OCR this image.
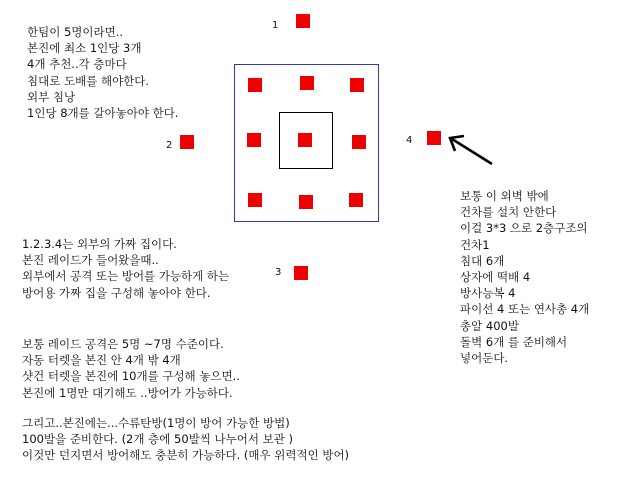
한팀이 5명이라면..
본진에 최소 1인당 3개
4개 추천..각 층마다
침대로 도배를 해야한다.
외부 침낭
1인당 8개를 갈아놓아야 한다.
1.2.3.4는 외부의 가짜 집이다.
본진 레이드가 들어왔을때..
외부에서 공격 또는 방어를 가능하게 하는
방어용 가짜 집을 구성해 놓아야 한다.
보통 레이드 공격은 5명 ~7명 수준이다.
자동 터렛을 본진 안 4개 밖 4개
샷건 터렛을 본진에 10개를 구성해 놓으면..
본진에 1명만 대기해도 ..방어가 가능하다.
그리고..본진에는...수류탄방(1명이 방어 가능한 방법)
100발을 준비한다. (2개 층에 50발씩 나누어서 보관 )
이것만 던지면서 방어해도 충분히 가능하다. (매우 위력적인 방어)
보통 이 외벽 밖에
건차를 설치 안한다
이걸 3*3 으로 2층구조의
건차1
침대 6개
상자에 떡배 4
방사능복 4
파이선 4 또는 연사총 4개
총알 400발
돌벽 6개 를 준비해서
넣어둔다.
1
2
3
4
